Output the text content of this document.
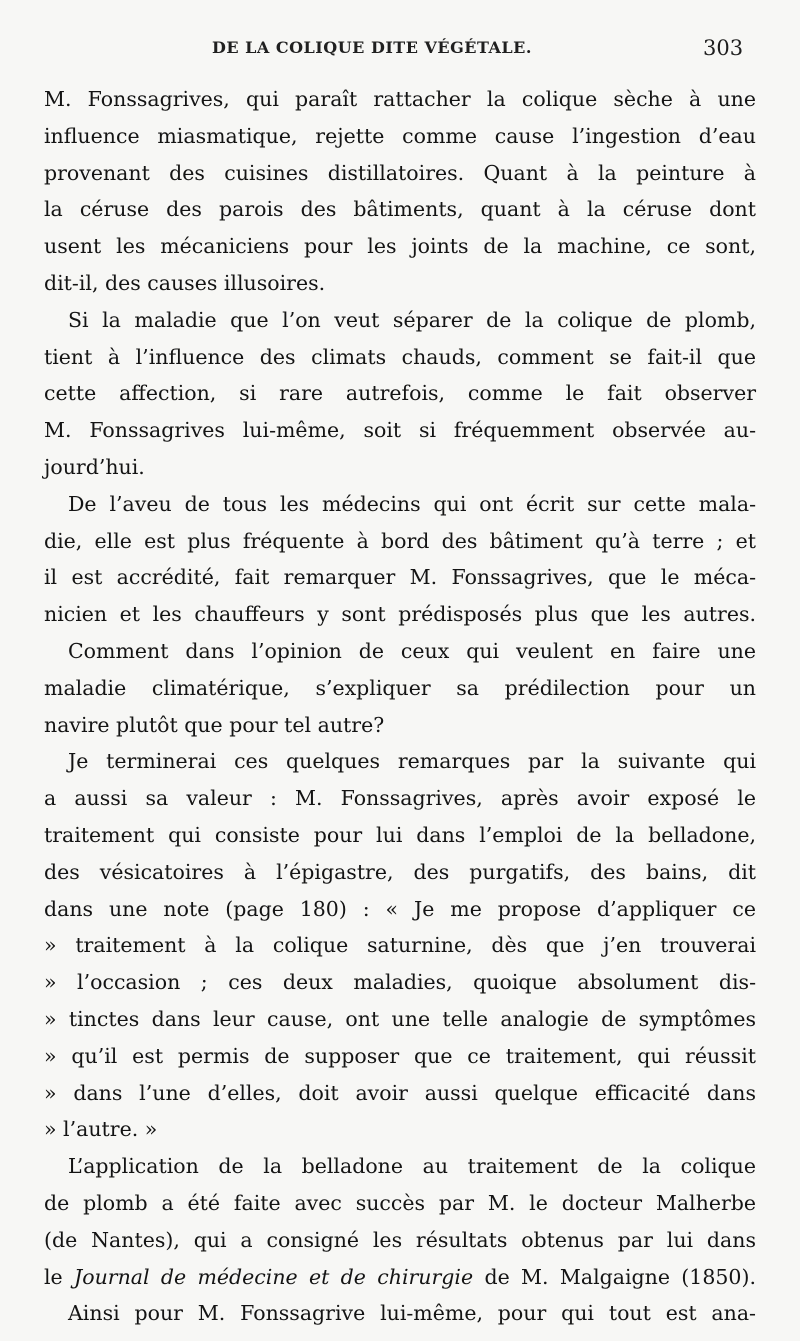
DE LA COLIQUE DITE VÉGÉTALE.	303
M. Fonssagrives, qui paraît rattacher la colique sèche à une
influence miasmatique, rejette comme cause l’ingestion d’eau
provenant des cuisines distillatoires. Quant à la peinture à
la céruse des parois des bâtiments, quant à la céruse dont
usent les mécaniciens pour les joints de la machine, ce sont,
dit-il, des causes illusoires.
Si la maladie que l’on veut séparer de la colique de plomb,
tient à l’influence des climats chauds, comment se fait-il que
cette affection, si rare autrefois, comme le fait observer
M. Fonssagrives lui-même, soit si fréquemment observée au-
jourd’hui.
De l’aveu de tous les médecins qui ont écrit sur cette mala-
die, elle est plus fréquente à bord des bâtiment qu’à terre ; et
il est accrédité, fait remarquer M. Fonssagrives, que le méca-
nicien et les chauffeurs y sont prédisposés plus que les autres.
Comment dans l’opinion de ceux qui veulent en faire une
maladie climatérique, s’expliquer sa prédilection pour un
navire plutôt que pour tel autre?
Je terminerai ces quelques remarques par la suivante qui
a aussi sa valeur : M. Fonssagrives, après avoir exposé le
traitement qui consiste pour lui dans l’emploi de la belladone,
des vésicatoires à l’épigastre, des purgatifs, des bains, dit
dans une note (page 180) : « Je me propose d’appliquer ce
» traitement à la colique saturnine, dès que j’en trouverai
» l’occasion ; ces deux maladies, quoique absolument dis-
» tinctes dans leur cause, ont une telle analogie de symptômes
» qu’il est permis de supposer que ce traitement, qui réussit
» dans l’une d’elles, doit avoir aussi quelque efficacité dans
» l’autre. »
L’application de la belladone au traitement de la colique
de plomb a été faite avec succès par M. le docteur Malherbe
(de Nantes), qui a consigné les résultats obtenus par lui dans
le Journal de médecine et de chirurgie de M. Malgaigne (1850).
Ainsi pour M. Fonssagrive lui-même, pour qui tout est ana-
